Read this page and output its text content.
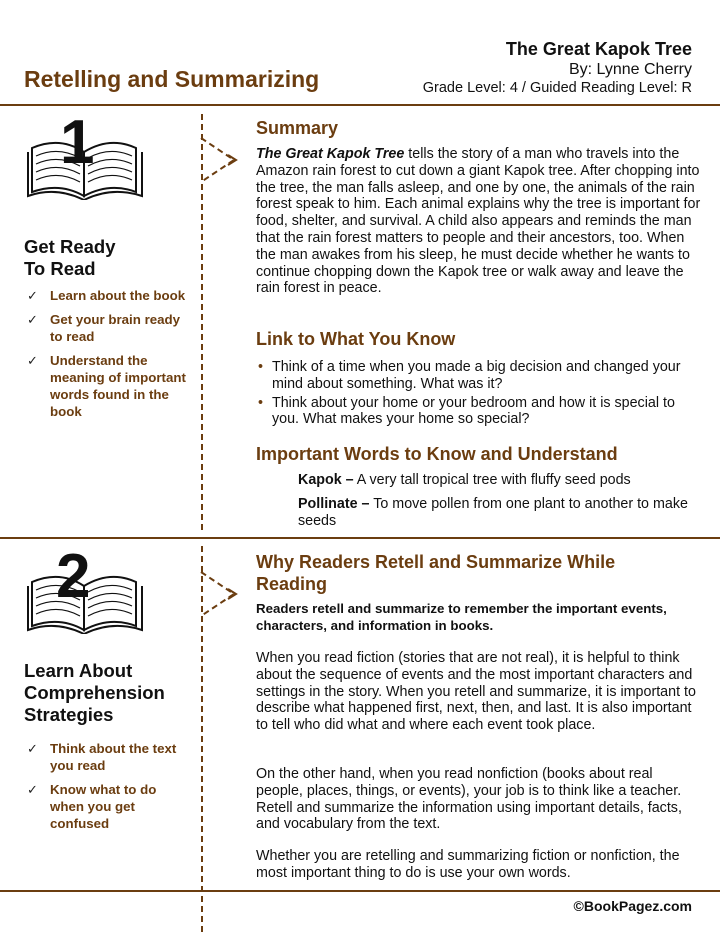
Retelling and Summarizing
The Great Kapok Tree
By: Lynne Cherry
Grade Level: 4 / Guided Reading Level: R
1
Get Ready
To Read
✓ Learn about the book
✓ Get your brain ready to read
✓ Understand the meaning of important words found in the book
Summary
The Great Kapok Tree tells the story of a man who travels into the Amazon rain forest to cut down a giant Kapok tree. After chopping into the tree, the man falls asleep, and one by one, the animals of the rain forest speak to him. Each animal explains why the tree is important for food, shelter, and survival. A child also appears and reminds the man that the rain forest matters to people and their ancestors, too. When the man awakes from his sleep, he must decide whether he wants to continue chopping down the Kapok tree or walk away and leave the rain forest in peace.
Link to What You Know
• Think of a time when you made a big decision and changed your mind about something. What was it?
• Think about your home or your bedroom and how it is special to you. What makes your home so special?
Important Words to Know and Understand
Kapok – A very tall tropical tree with fluffy seed pods
Pollinate – To move pollen from one plant to another to make seeds
2
Learn About
Comprehension
Strategies
✓ Think about the text you read
✓ Know what to do when you get confused
Why Readers Retell and Summarize While
Reading
Readers retell and summarize to remember the important events, characters, and information in books.
When you read fiction (stories that are not real), it is helpful to think about the sequence of events and the most important characters and settings in the story. When you retell and summarize, it is important to describe what happened first, next, then, and last. It is also important to tell who did what and where each event took place.
On the other hand, when you read nonfiction (books about real people, places, things, or events), your job is to think like a teacher. Retell and summarize the information using important details, facts, and vocabulary from the text.
Whether you are retelling and summarizing fiction or nonfiction, the most important thing to do is use your own words.
©BookPagez.com
